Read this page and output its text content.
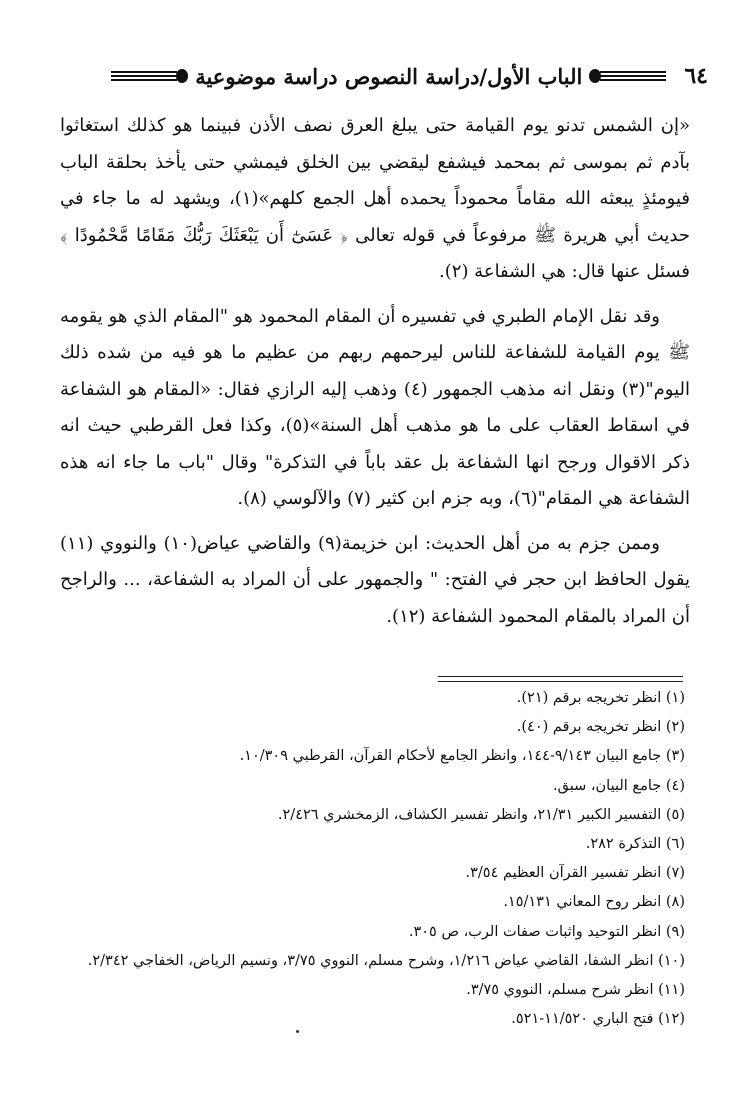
٦٤
الباب الأول/دراسة النصوص دراسة موضوعية

«إن الشمس تدنو يوم القيامة حتى يبلغ العرق نصف الأذن فبينما هو كذلك استغاثوا بآدم ثم بموسى ثم بمحمد فيشفع ليقضي بين الخلق فيمشي حتى يأخذ بحلقة الباب فيومئذٍ يبعثه الله مقاماً محموداً يحمده أهل الجمع كلهم»(١)، ويشهد له ما جاء في حديث أبي هريرة ﷺ مرفوعاً في قوله تعالى ﴿ عَسَىٰٓ أَن يَبْعَثَكَ رَبُّكَ مَقَامًا مَّحْمُودًا ﴾ فسئل عنها قال: هي الشفاعة (٢).

وقد نقل الإمام الطبري في تفسيره أن المقام المحمود هو "المقام الذي هو يقومه ﷺ يوم القيامة للشفاعة للناس ليرحمهم ربهم من عظيم ما هو فيه من شده ذلك اليوم"(٣) ونقل انه مذهب الجمهور (٤) وذهب إليه الرازي فقال: «المقام هو الشفاعة في اسقاط العقاب على ما هو مذهب أهل السنة»(٥)، وكذا فعل القرطبي حيث انه ذكر الاقوال ورجح انها الشفاعة بل عقد باباً في التذكرة" وقال "باب ما جاء انه هذه الشفاعة هي المقام"(٦)، وبه جزم ابن كثير (٧) والآلوسي (٨).

وممن جزم به من أهل الحديث: ابن خزيمة(٩) والقاضي عياض(١٠) والنووي (١١) يقول الحافظ ابن حجر في الفتح: " والجمهور على أن المراد به الشفاعة، ... والراجح أن المراد بالمقام المحمود الشفاعة (١٢).

(١) انظر تخريجه برقم (٢١).
(٢) انظر تخريجه برقم (٤٠).
(٣) جامع البيان ٩/١٤٣-١٤٤، وانظر الجامع لأحكام القرآن، القرطبي ١٠/٣٠٩.
(٤) جامع البيان، سبق.
(٥) التفسير الكبير ٢١/٣١، وانظر تفسير الكشاف، الزمخشري ٢/٤٢٦.
(٦) التذكرة ٢٨٢.
(٧) انظر تفسير القرآن العظيم ٣/٥٤.
(٨) انظر روح المعاني ١٥/١٣١.
(٩) انظر التوحيد واثبات صفات الرب، ص ٣٠٥.
(١٠) انظر الشفا، القاضي عياض ١/٢١٦، وشرح مسلم، النووي ٣/٧٥، ونسيم الرياض، الخفاجي ٢/٣٤٢.
(١١) انظر شرح مسلم، النووي ٣/٧٥.
(١٢) فتح الباري ١١/٥٢٠-٥٢١.
